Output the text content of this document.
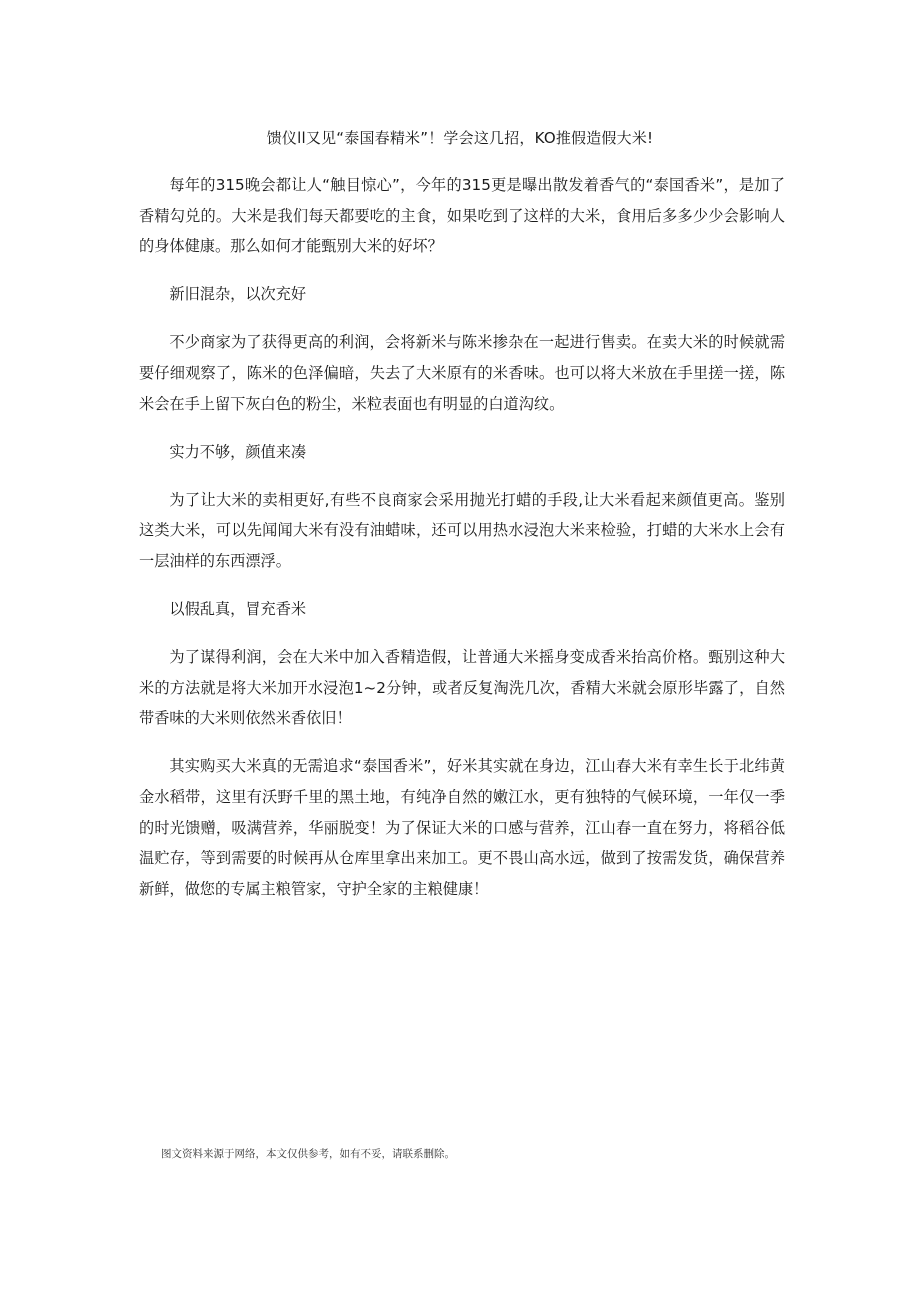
馈仪ll又见“泰国春精米”！学会这几招，KO推假造假大米!

每年的315晚会都让人“触目惊心”，今年的315更是曝出散发着香气的“泰国香米”，是加了香精勾兑的。大米是我们每天都要吃的主食，如果吃到了这样的大米，食用后多多少少会影响人的身体健康。那么如何才能甄别大米的好坏？

新旧混杂，以次充好

不少商家为了获得更高的利润，会将新米与陈米掺杂在一起进行售卖。在卖大米的时候就需要仔细观察了，陈米的色泽偏暗，失去了大米原有的米香味。也可以将大米放在手里搓一搓，陈米会在手上留下灰白色的粉尘，米粒表面也有明显的白道沟纹。

实力不够，颜值来凑

为了让大米的卖相更好,有些不良商家会采用抛光打蜡的手段,让大米看起来颜值更高。鉴别这类大米，可以先闻闻大米有没有油蜡味，还可以用热水浸泡大米来检验，打蜡的大米水上会有一层油样的东西漂浮。

以假乱真，冒充香米

为了谋得利润，会在大米中加入香精造假，让普通大米摇身变成香米抬高价格。甄别这种大米的方法就是将大米加开水浸泡1~2分钟，或者反复淘洗几次，香精大米就会原形毕露了，自然带香味的大米则依然米香依旧！

其实购买大米真的无需追求“泰国香米”，好米其实就在身边，江山春大米有幸生长于北纬黄金水稻带，这里有沃野千里的黑土地，有纯净自然的嫩江水，更有独特的气候环境，一年仅一季的时光馈赠，吸满营养，华丽脱变！为了保证大米的口感与营养，江山春一直在努力，将稻谷低温贮存，等到需要的时候再从仓库里拿出来加工。更不畏山高水远，做到了按需发货，确保营养新鲜，做您的专属主粮管家，守护全家的主粮健康！

图文资料来源于网络，本文仅供参考，如有不妥，请联系删除。
